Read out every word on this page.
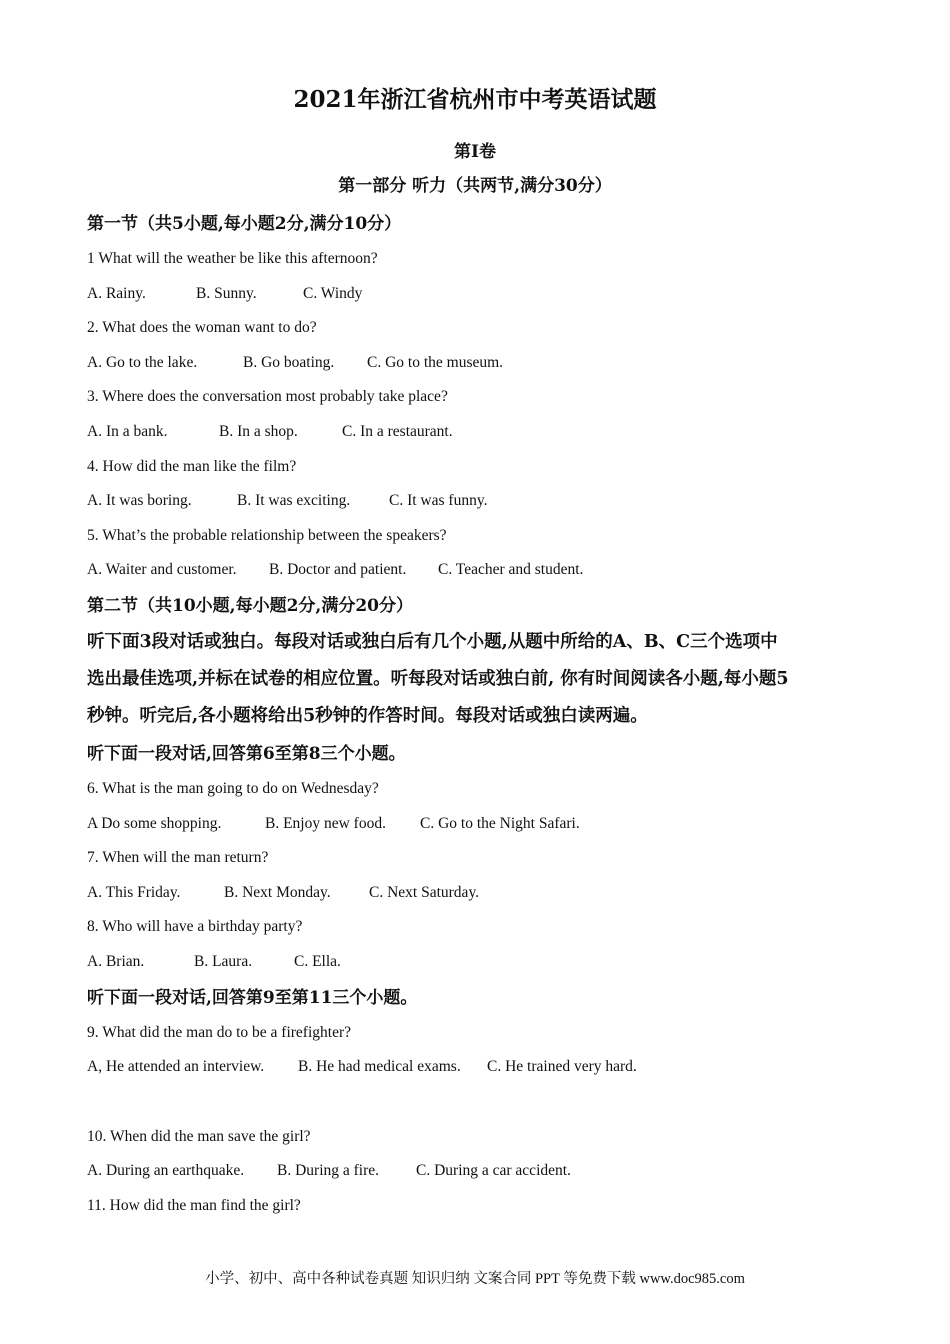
2021年浙江省杭州市中考英语试题
第I卷
第一部分 听力（共两节,满分30分）
第一节（共5小题,每小题2分,满分10分）
1 What will the weather be like this afternoon?
A. Rainy.	B. Sunny.	C. Windy
2. What does the woman want to do?
A. Go to the lake.	B. Go boating. C. Go to the museum.
3. Where does the conversation most probably take place?
A. In a bank.	B. In a shop.	C. In a restaurant.
4. How did the man like the film?
A. It was boring.	B. It was exciting.	C. It was funny.
5. What’s the probable relationship between the speakers?
A. Waiter and customer. B. Doctor and patient. C. Teacher and student.
第二节（共10小题,每小题2分,满分20分）
听下面3段对话或独白。每段对话或独白后有几个小题,从题中所给的A、B、C三个选项中
选出最佳选项,并标在试卷的相应位置。听每段对话或独白前, 你有时间阅读各小题,每小题5
秒钟。听完后,各小题将给出5秒钟的作答时间。每段对话或独白读两遍。
听下面一段对话,回答第6至第8三个小题。
6. What is the man going to do on Wednesday?
A Do some shopping.	B. Enjoy new food. C. Go to the Night Safari.
7. When will the man return?
A. This Friday.	B. Next Monday. C. Next Saturday.
8. Who will have a birthday party?
A. Brian.	B. Laura.	C. Ella.
听下面一段对话,回答第9至第11三个小题。
9. What did the man do to be a firefighter?
A, He attended an interview. B. He had medical exams. C. He trained very hard.
10. When did the man save the girl?
A. During an earthquake. B. During a fire. C. During a car accident.
11. How did the man find the girl?
小学、初中、高中各种试卷真题 知识归纳 文案合同 PPT 等免费下载 www.doc985.com
